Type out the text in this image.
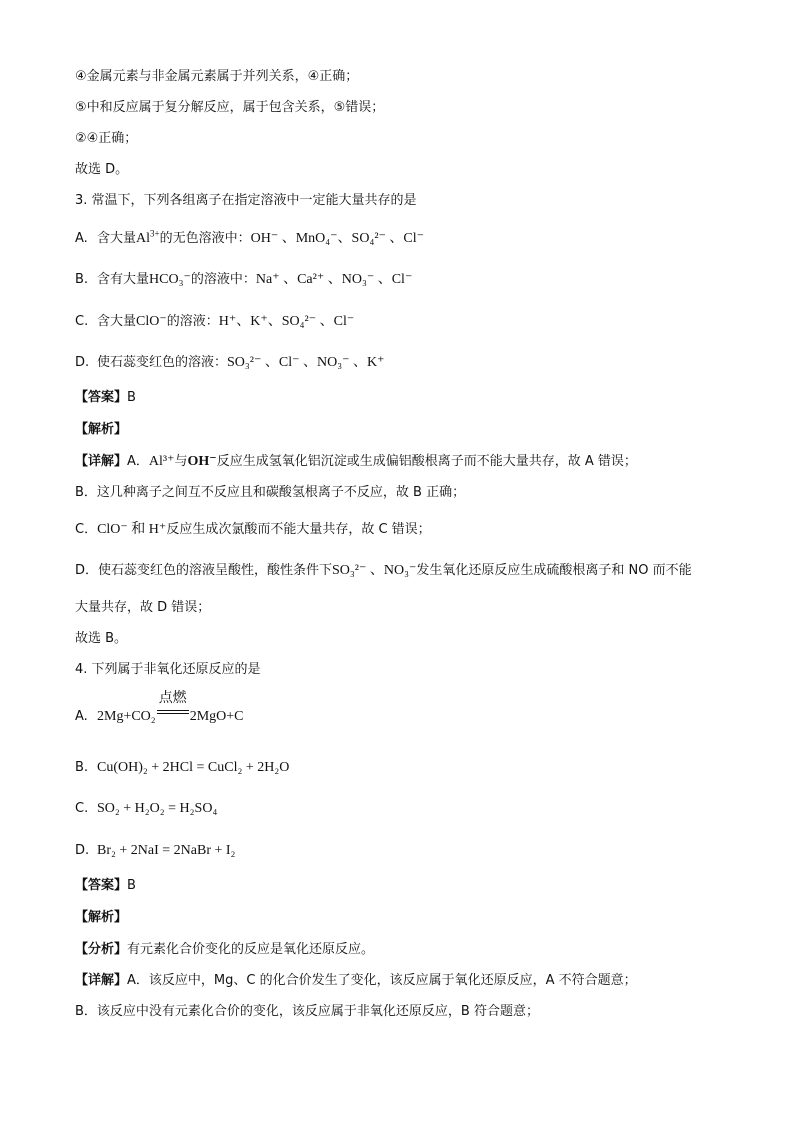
④金属元素与非金属元素属于并列关系，④正确；
⑤中和反应属于复分解反应，属于包含关系，⑤错误；
②④正确；
故选 D。
3. 常温下，下列各组离子在指定溶液中一定能大量共存的是
A. 含大量$Al^{3+}$的无色溶液中：OH⁻ 、MnO₄⁻、SO₄²⁻ 、Cl⁻
B. 含有大量HCO₃⁻的溶液中：Na⁺ 、Ca²⁺ 、NO₃⁻ 、Cl⁻
C. 含大量ClO⁻的溶液：H⁺、K⁺、SO₄²⁻ 、Cl⁻
D. 使石蕊变红色的溶液：SO₃²⁻ 、Cl⁻ 、NO₃⁻ 、K⁺
【答案】B
【解析】
【详解】A．Al³⁺与OH⁻反应生成氢氧化铝沉淀或生成偏铝酸根离子而不能大量共存，故 A 错误；
B．这几种离子之间互不反应且和碳酸氢根离子不反应，故 B 正确；
C．ClO⁻ 和 H⁺反应生成次氯酸而不能大量共存，故 C 错误；
D．使石蕊变红色的溶液呈酸性，酸性条件下SO₃²⁻ 、NO₃⁻发生氧化还原反应生成硫酸根离子和 NO 而不能
大量共存，故 D 错误；
故选 B。
4. 下列属于非氧化还原反应的是
A. 2Mg+CO₂
点燃
2MgO+C
B. Cu(OH)₂ + 2HCl = CuCl₂ + 2H₂O
C. SO₂ + H₂O₂ = H₂SO₄
D. Br₂ + 2NaI = 2NaBr + I₂
【答案】B
【解析】
【分析】有元素化合价变化的反应是氧化还原反应。
【详解】A．该反应中，Mg、C 的化合价发生了变化，该反应属于氧化还原反应，A 不符合题意；
B．该反应中没有元素化合价的变化，该反应属于非氧化还原反应，B 符合题意；
